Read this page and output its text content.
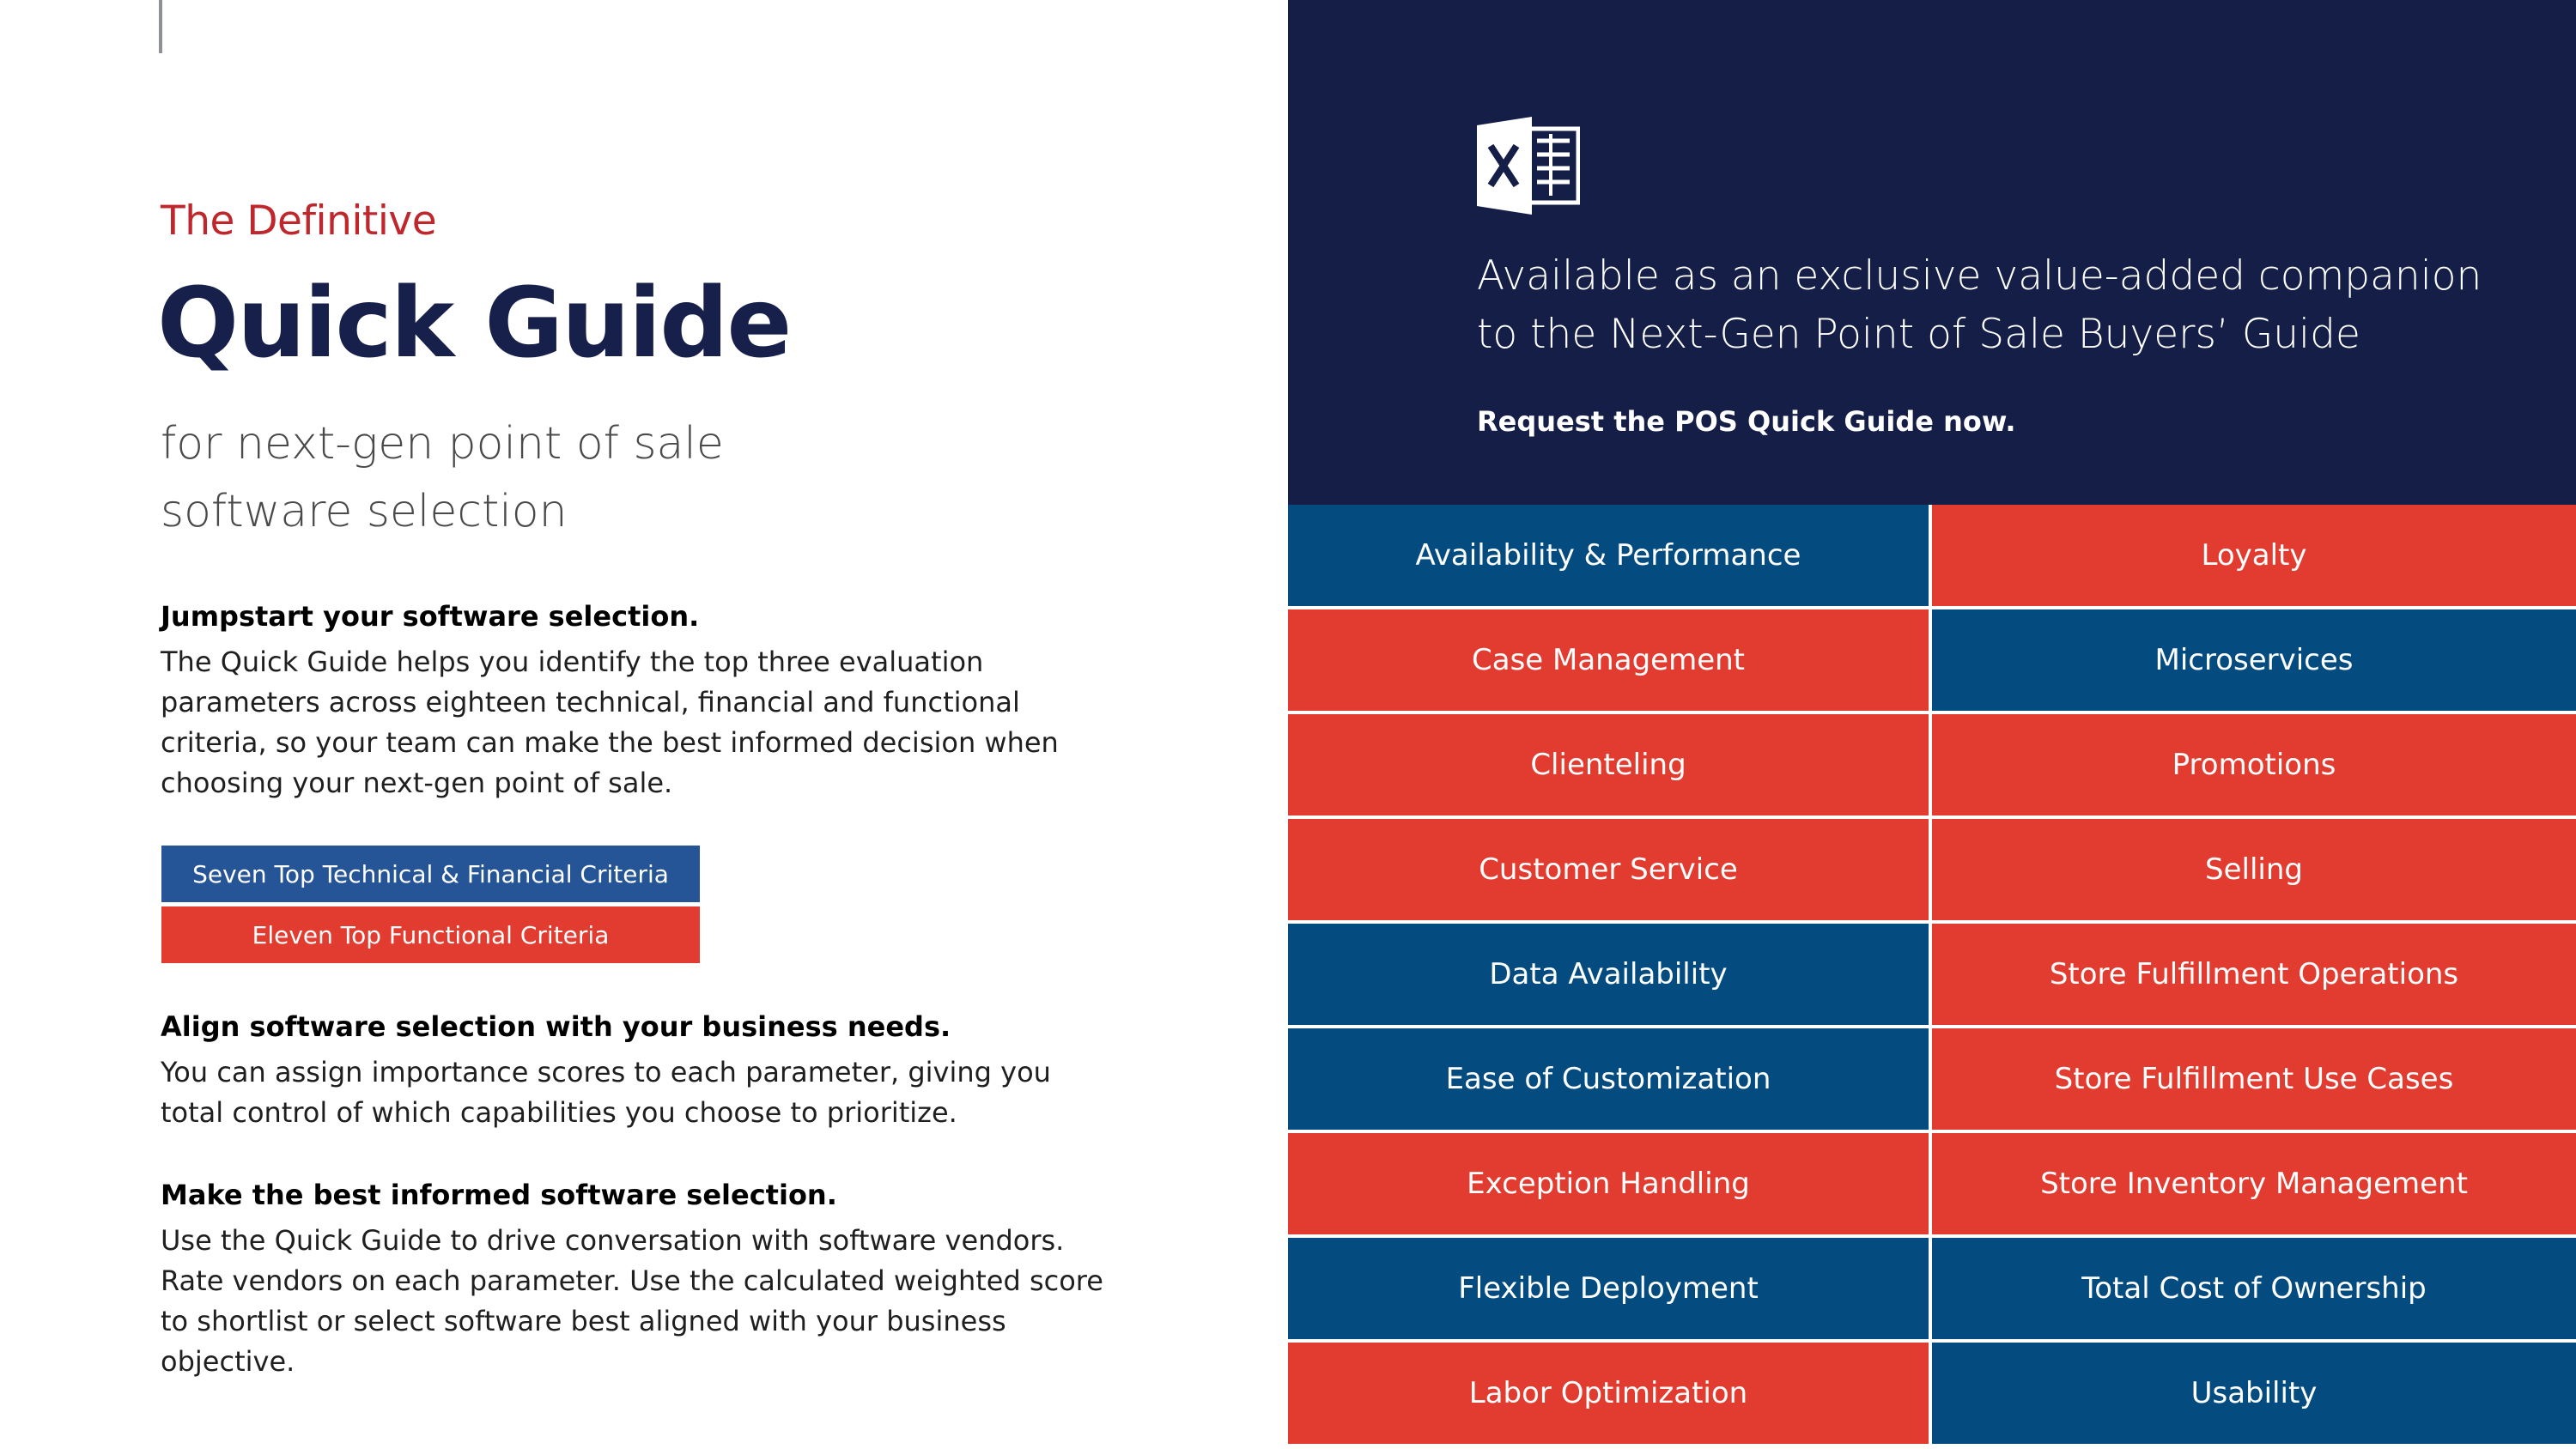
The Definitive
Quick Guide
for next-gen point of sale
software selection
Jumpstart your software selection.

The Quick Guide helps you identify the top three evaluation parameters across eighteen technical, financial and functional criteria, so your team can make the best informed decision when choosing your next-gen point of sale.

Seven Top Technical & Financial Criteria
Eleven Top Functional Criteria
Align software selection with your business needs.

You can assign importance scores to each parameter, giving you total control of which capabilities you choose to prioritize.

Make the best informed software selection.

Use the Quick Guide to drive conversation with software vendors. Rate vendors on each parameter. Use the calculated weighted score to shortlist or select software best aligned with your business objective.

Available as an exclusive value-added companion to the Next-Gen Point of Sale Buyers’ Guide
Request the POS Quick Guide now.
Availability & Performance	Loyalty
Case Management	Microservices
Clienteling	Promotions
Customer Service	Selling
Data Availability	Store Fulfillment Operations
Ease of Customization	Store Fulfillment Use Cases
Exception Handling	Store Inventory Management
Flexible Deployment	Total Cost of Ownership
Labor Optimization	Usability
